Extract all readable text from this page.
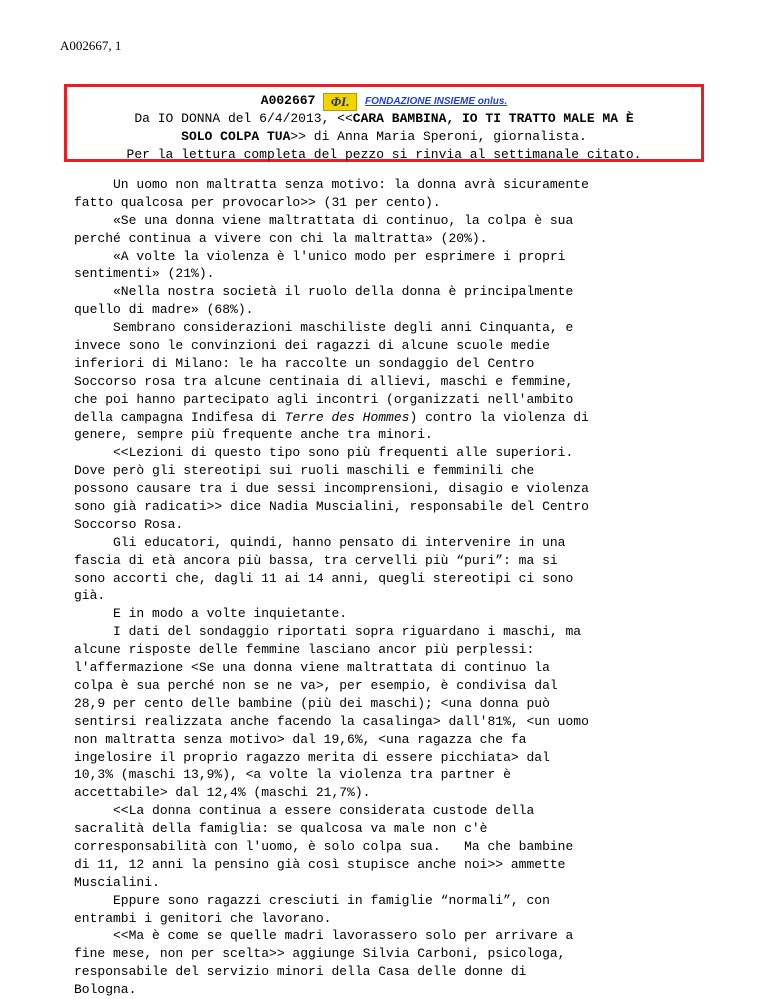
A002667, 1
A002667 ΦI. FONDAZIONE INSIEME onlus.
Da IO DONNA del 6/4/2013, <<CARA BAMBINA, IO TI TRATTO MALE MA È
SOLO COLPA TUA>> di Anna Maria Speroni, giornalista.
Per la lettura completa del pezzo si rinvia al settimanale citato.
Un uomo non maltratta senza motivo: la donna avrà sicuramente
fatto qualcosa per provocarlo>> (31 per cento).
«Se una donna viene maltrattata di continuo, la colpa è sua
perché continua a vivere con chi la maltratta» (20%).
«A volte la violenza è l'unico modo per esprimere i propri
sentimenti» (21%).
«Nella nostra società il ruolo della donna è principalmente
quello di madre» (68%).
Sembrano considerazioni maschiliste degli anni Cinquanta, e
invece sono le convinzioni dei ragazzi di alcune scuole medie
inferiori di Milano: le ha raccolte un sondaggio del Centro
Soccorso rosa tra alcune centinaia di allievi, maschi e femmine,
che poi hanno partecipato agli incontri (organizzati nell'ambito
della campagna Indifesa di Terre des Hommes) contro la violenza di
genere, sempre più frequente anche tra minori.
<<Lezioni di questo tipo sono più frequenti alle superiori.
Dove però gli stereotipi sui ruoli maschili e femminili che
possono causare tra i due sessi incomprensioni, disagio e violenza
sono già radicati>> dice Nadia Muscialini, responsabile del Centro
Soccorso Rosa.
Gli educatori, quindi, hanno pensato di intervenire in una
fascia di età ancora più bassa, tra cervelli più “puri”: ma si
sono accorti che, dagli 11 ai 14 anni, quegli stereotipi ci sono
già.
E in modo a volte inquietante.
I dati del sondaggio riportati sopra riguardano i maschi, ma
alcune risposte delle femmine lasciano ancor più perplessi:
l'affermazione <Se una donna viene maltrattata di continuo la
colpa è sua perché non se ne va>, per esempio, è condivisa dal
28,9 per cento delle bambine (più dei maschi); <una donna può
sentirsi realizzata anche facendo la casalinga> dall'81%, <un uomo
non maltratta senza motivo> dal 19,6%, <una ragazza che fa
ingelosire il proprio ragazzo merita di essere picchiata> dal
10,3% (maschi 13,9%), <a volte la violenza tra partner è
accettabile> dal 12,4% (maschi 21,7%).
<<La donna continua a essere considerata custode della
sacralità della famiglia: se qualcosa va male non c'è
corresponsabilità con l'uomo, è solo colpa sua.   Ma che bambine
di 11, 12 anni la pensino già così stupisce anche noi>> ammette
Muscialini.
Eppure sono ragazzi cresciuti in famiglie “normali”, con
entrambi i genitori che lavorano.
<<Ma è come se quelle madri lavorassero solo per arrivare a
fine mese, non per scelta>> aggiunge Silvia Carboni, psicologa,
responsabile del servizio minori della Casa delle donne di
Bologna.
